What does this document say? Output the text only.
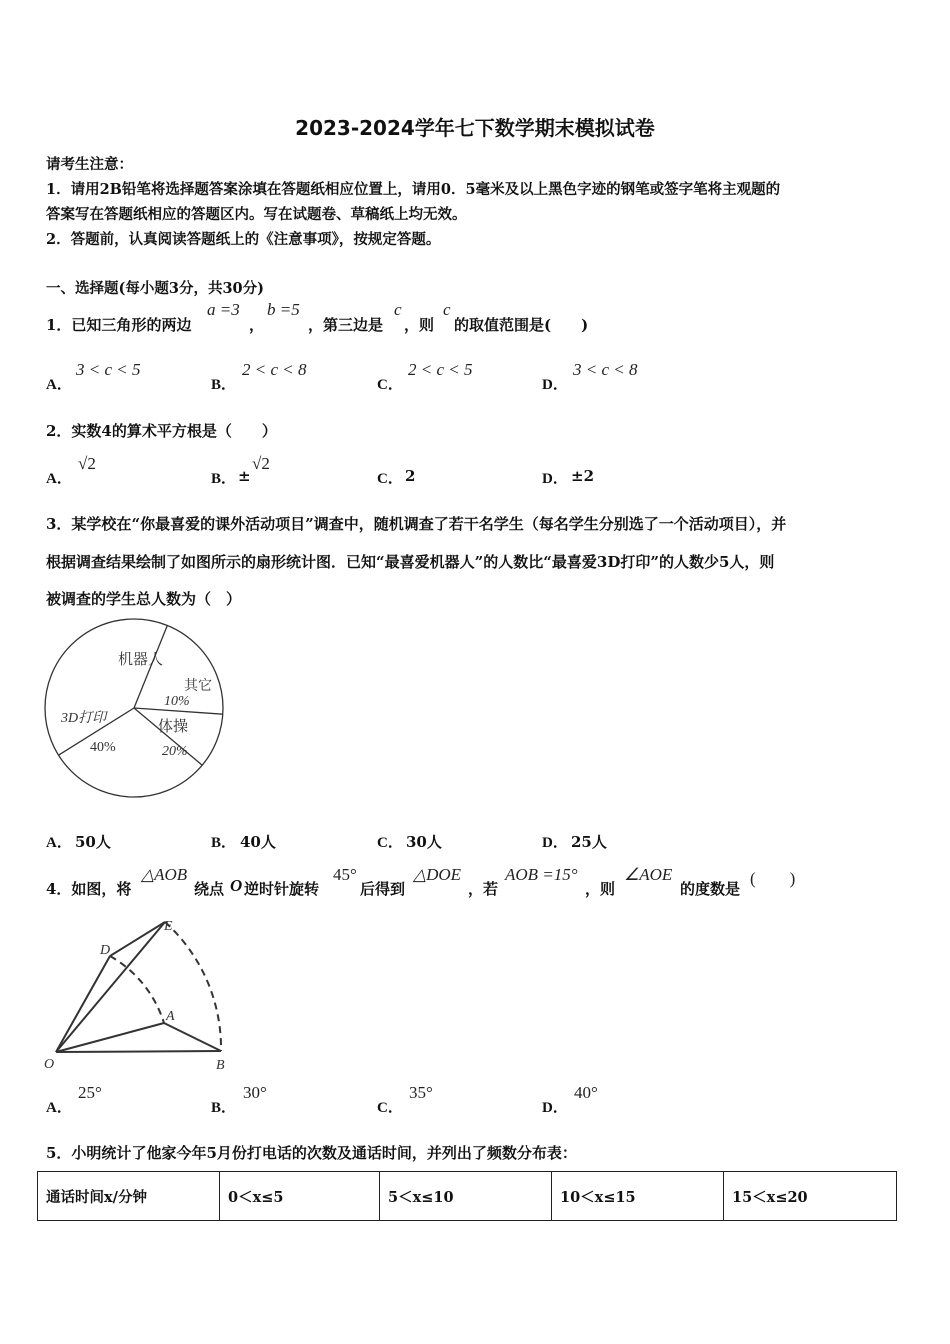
2023-2024学年七下数学期末模拟试卷
请考生注意：
1．请用2B铅笔将选择题答案涂填在答题纸相应位置上，请用0．5毫米及以上黑色字迹的钢笔或签字笔将主观题的
答案写在答题纸相应的答题区内。写在试题卷、草稿纸上均无效。
2．答题前，认真阅读答题纸上的《注意事项》，按规定答题。
一、选择题(每小题3分，共30分)
1．已知三角形的两边
a =3
，
b =5
，第三边是
c
，则
c
的取值范围是(　　)
A．
3 < c < 5
B．
2 < c < 8
C．
2 < c < 5
D．
3 < c < 8
2．实数4的算术平方根是（　　）
A．
√2
B． ±
√2
C． 2	D． ±2
3．某学校在“你最喜爱的课外活动项目”调查中，随机调查了若干名学生（每名学生分别选了一个活动项目），并
根据调查结果绘制了如图所示的扇形统计图．已知“最喜爱机器人”的人数比“最喜爱3D打印”的人数少5人，则
被调查的学生总人数为（　）
机器人
其它
10%
3D打印
40%
体操
20%
A． 50人	B． 40人	C． 30人	D． 25人
4．如图，将
△AOB
绕点 O 逆时针旋转
45°
后得到
△DOE
，若
AOB =15°
，则
∠AOE
的度数是
(　　)
O	B
A
D
E
A．
25°
B．
30°
C．
35°
D．
40°
5．小明统计了他家今年5月份打电话的次数及通话时间，并列出了频数分布表：
通话时间x/分钟	0＜x≤5	5＜x≤10	10＜x≤15	15＜x≤20
